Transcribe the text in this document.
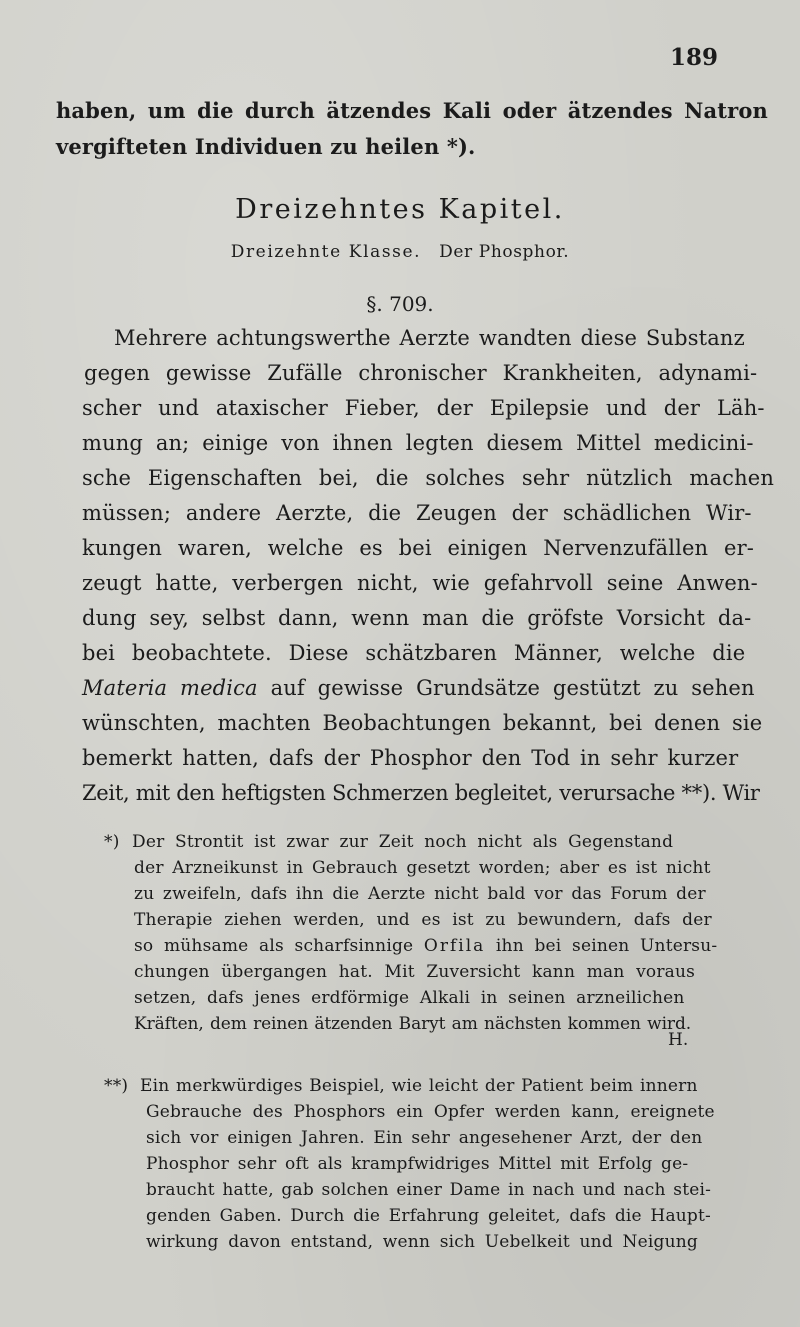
189
haben, um die durch ätzendes Kali oder ätzendes Natron
vergifteten Individuen zu heilen *).
Dreizehntes Kapitel.
Dreizehnte Klasse. Der Phosphor.
§. 709.
Mehrere achtungswerthe Aerzte wandten diese Substanz
gegen gewisse Zufälle chronischer Krankheiten, adynami-
scher und ataxischer Fieber, der Epilepsie und der Läh-
mung an; einige von ihnen legten diesem Mittel medicini-
sche Eigenschaften bei, die solches sehr nützlich machen
müssen; andere Aerzte, die Zeugen der schädlichen Wir-
kungen waren, welche es bei einigen Nervenzufällen er-
zeugt hatte, verbergen nicht, wie gefahrvoll seine Anwen-
dung sey, selbst dann, wenn man die gröfste Vorsicht da-
bei beobachtete. Diese schätzbaren Männer, welche die
Materia medica auf gewisse Grundsätze gestützt zu sehen
wünschten, machten Beobachtungen bekannt, bei denen sie
bemerkt hatten, dafs der Phosphor den Tod in sehr kurzer
Zeit, mit den heftigsten Schmerzen begleitet, verursache **). Wir
*) Der Strontit ist zwar zur Zeit noch nicht als Gegenstand
der Arzneikunst in Gebrauch gesetzt worden; aber es ist nicht
zu zweifeln, dafs ihn die Aerzte nicht bald vor das Forum der
Therapie ziehen werden, und es ist zu bewundern, dafs der
so mühsame als scharfsinnige Orfila ihn bei seinen Untersu-
chungen übergangen hat. Mit Zuversicht kann man voraus
setzen, dafs jenes erdförmige Alkali in seinen arzneilichen
Kräften, dem reinen ätzenden Baryt am nächsten kommen wird.
H.
**) Ein merkwürdiges Beispiel, wie leicht der Patient beim innern
Gebrauche des Phosphors ein Opfer werden kann, ereignete
sich vor einigen Jahren. Ein sehr angesehener Arzt, der den
Phosphor sehr oft als krampfwidriges Mittel mit Erfolg ge-
braucht hatte, gab solchen einer Dame in nach und nach stei-
genden Gaben. Durch die Erfahrung geleitet, dafs die Haupt-
wirkung davon entstand, wenn sich Uebelkeit und Neigung
